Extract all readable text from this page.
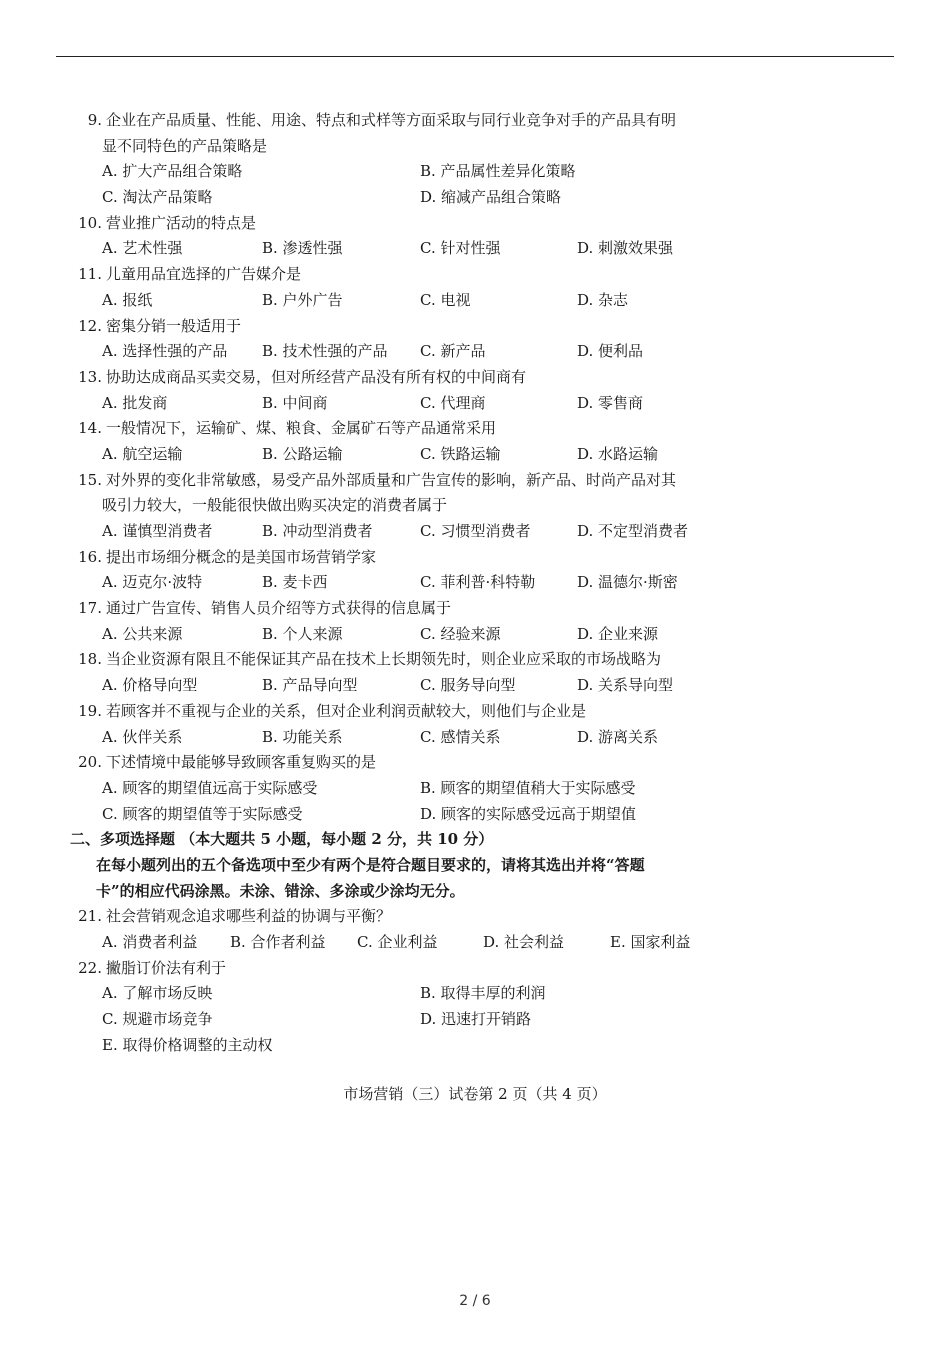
9. 企业在产品质量、性能、用途、特点和式样等方面采取与同行业竞争对手的产品具有明
显不同特色的产品策略是
A. 扩大产品组合策略	B. 产品属性差异化策略
C. 淘汰产品策略	D. 缩减产品组合策略
10. 营业推广活动的特点是
A. 艺术性强	B. 渗透性强	C. 针对性强	D. 刺激效果强
11. 儿童用品宜选择的广告媒介是
A. 报纸	B. 户外广告	C. 电视	D. 杂志
12. 密集分销一般适用于
A. 选择性强的产品 B. 技术性强的产品 C. 新产品	D. 便利品
13. 协助达成商品买卖交易，但对所经营产品没有所有权的中间商有
A. 批发商	B. 中间商	C. 代理商	D. 零售商
14. 一般情况下，运输矿、煤、粮食、金属矿石等产品通常采用
A. 航空运输	B. 公路运输	C. 铁路运输	D. 水路运输
15. 对外界的变化非常敏感，易受产品外部质量和广告宣传的影响，新产品、时尚产品对其
吸引力较大，一般能很快做出购买决定的消费者属于
A. 谨慎型消费者	B. 冲动型消费者	C. 习惯型消费者	D. 不定型消费者
16. 提出市场细分概念的是美国市场营销学家
A. 迈克尔·波特	B. 麦卡西	C. 菲利普·科特勒	D. 温德尔·斯密
17. 通过广告宣传、销售人员介绍等方式获得的信息属于
A. 公共来源	B. 个人来源	C. 经验来源	D. 企业来源
18. 当企业资源有限且不能保证其产品在技术上长期领先时，则企业应采取的市场战略为
A. 价格导向型	B. 产品导向型	C. 服务导向型	D. 关系导向型
19. 若顾客并不重视与企业的关系，但对企业利润贡献较大，则他们与企业是
A. 伙伴关系	B. 功能关系	C. 感情关系	D. 游离关系
20. 下述情境中最能够导致顾客重复购买的是
A. 顾客的期望值远高于实际感受	B. 顾客的期望值稍大于实际感受
C. 顾客的期望值等于实际感受	D. 顾客的实际感受远高于期望值
二、多项选择题 （本大题共 5 小题，每小题 2 分，共 10 分）
在每小题列出的五个备选项中至少有两个是符合题目要求的，请将其选出并将“答题
卡”的相应代码涂黑。未涂、错涂、多涂或少涂均无分。
21. 社会营销观念追求哪些利益的协调与平衡？
A. 消费者利益 B. 合作者利益 C. 企业利益	D. 社会利益	E. 国家利益
22. 撇脂订价法有利于
A. 了解市场反映	B. 取得丰厚的利润
C. 规避市场竞争	D. 迅速打开销路
E. 取得价格调整的主动权
市场营销（三）试卷第 2 页（共 4 页）
2 / 6
